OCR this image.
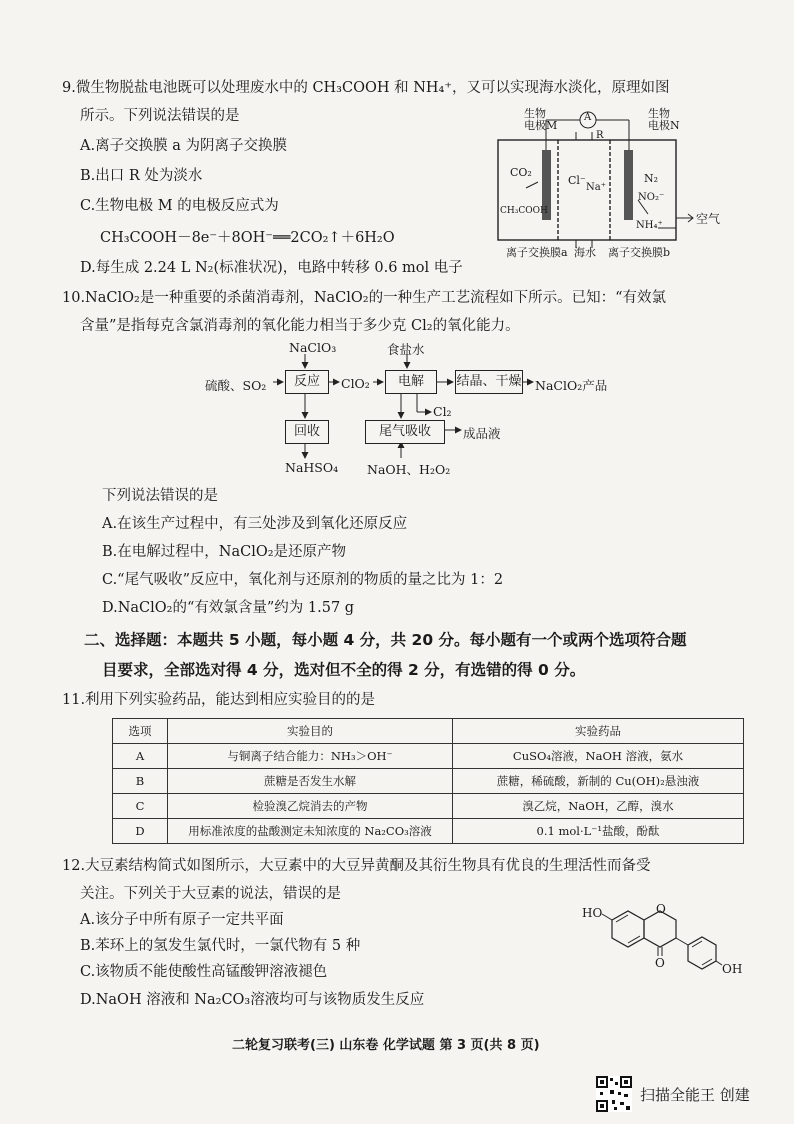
9.微生物脱盐电池既可以处理废水中的 CH₃COOH 和 NH₄⁺，又可以实现海水淡化，原理如图
所示。下列说法错误的是
A.离子交换膜 a 为阴离子交换膜
B.出口 R 处为淡水
C.生物电极 M 的电极反应式为
CH₃COOH－8e⁻＋8OH⁻══2CO₂↑＋6H₂O
D.每生成 2.24 L N₂(标准状况)，电路中转移 0.6 mol 电子
生物
电极M
生物
电极N
A
R
CO₂
CH₃COOH
Cl⁻
Na⁺
N₂
NO₂⁻
NH₄⁺	空气
离子交换膜a 海水 离子交换膜b
10.NaClO₂是一种重要的杀菌消毒剂，NaClO₂的一种生产工艺流程如下所示。已知：“有效氯
含量”是指每克含氯消毒剂的氧化能力相当于多少克 Cl₂的氧化能力。
NaClO₃	食盐水
硫酸、SO₂	反应	ClO₂	电解	结晶、干燥 NaClO₂产品
Cl₂
回收	尾气吸收	成品液
NaHSO₄ NaOH、H₂O₂
下列说法错误的是
A.在该生产过程中，有三处涉及到氧化还原反应
B.在电解过程中，NaClO₂是还原产物
C.“尾气吸收”反应中，氧化剂与还原剂的物质的量之比为 1：2
D.NaClO₂的“有效氯含量”约为 1.57 g
二、选择题：本题共 5 小题，每小题 4 分，共 20 分。每小题有一个或两个选项符合题
目要求，全部选对得 4 分，选对但不全的得 2 分，有选错的得 0 分。
11.利用下列实验药品，能达到相应实验目的的是
选项	实验目的	实验药品
A	与铜离子结合能力：NH₃＞OH⁻	CuSO₄溶液，NaOH 溶液，氨水
B	蔗糖是否发生水解	蔗糖，稀硫酸，新制的 Cu(OH)₂悬浊液
C	检验溴乙烷消去的产物	溴乙烷，NaOH，乙醇，溴水
D	用标准浓度的盐酸测定未知浓度的 Na₂CO₃溶液	0.1 mol·L⁻¹盐酸，酚酞
12.大豆素结构简式如图所示，大豆素中的大豆异黄酮及其衍生物具有优良的生理活性而备受
关注。下列关于大豆素的说法，错误的是
A.该分子中所有原子一定共平面
B.苯环上的氢发生氯代时，一氯代物有 5 种
C.该物质不能使酸性高锰酸钾溶液褪色
D.NaOH 溶液和 Na₂CO₃溶液均可与该物质发生反应
HO	O
O	OH
二轮复习联考(三) 山东卷 化学试题 第 3 页(共 8 页)
扫描全能王 创建
